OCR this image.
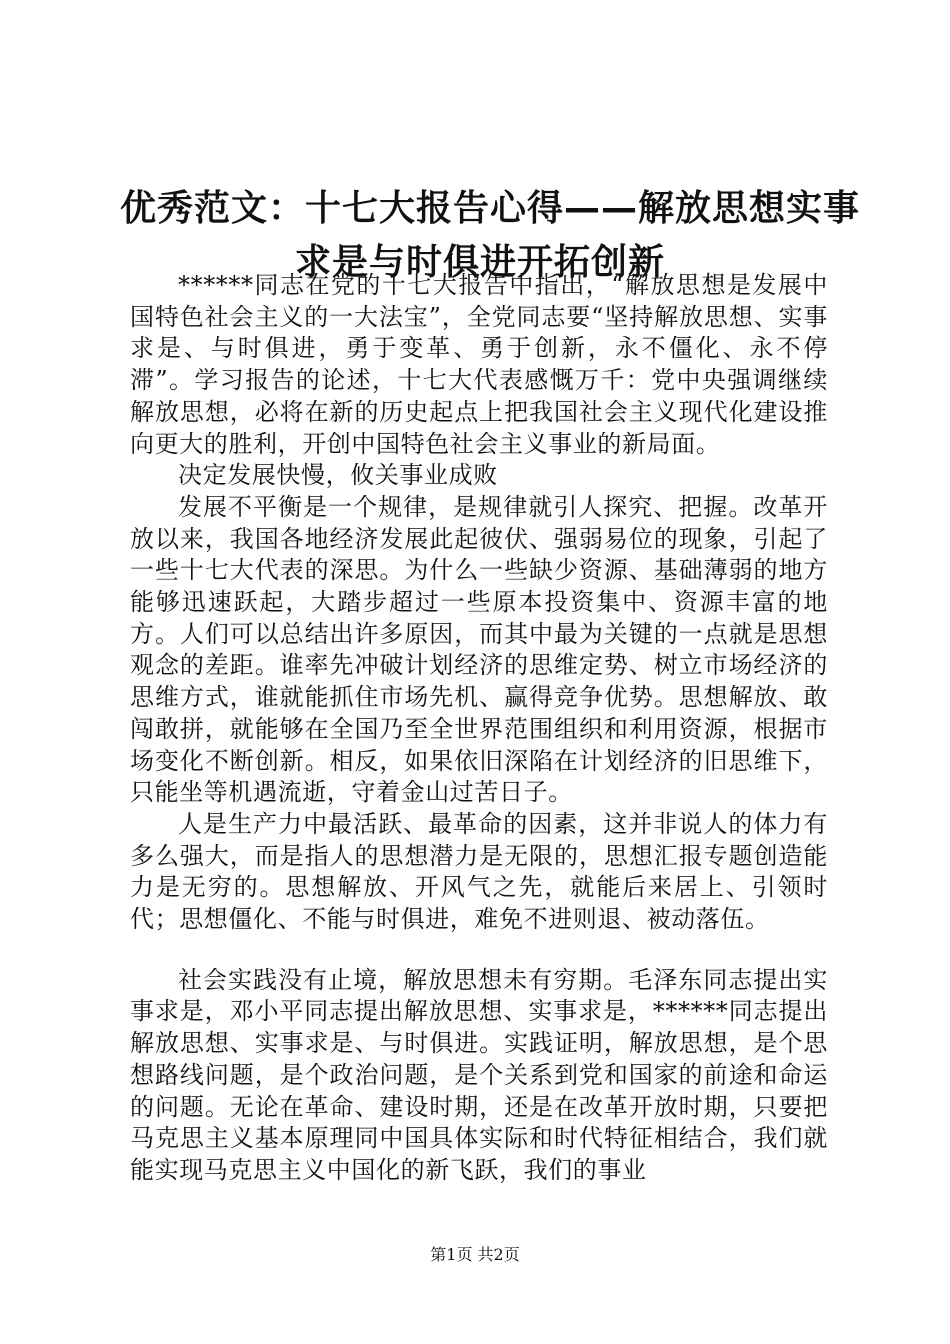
优秀范文：十七大报告心得——解放思想实事
求是与时俱进开拓创新

******同志在党的十七大报告中指出，“解放思想是发展中国特色社会主义的一大法宝”，全党同志要“坚持解放思想、实事求是、与时俱进，勇于变革、勇于创新，永不僵化、永不停滞”。学习报告的论述，十七大代表感慨万千：党中央强调继续解放思想，必将在新的历史起点上把我国社会主义现代化建设推向更大的胜利，开创中国特色社会主义事业的新局面。

决定发展快慢，攸关事业成败

发展不平衡是一个规律，是规律就引人探究、把握。改革开放以来，我国各地经济发展此起彼伏、强弱易位的现象，引起了一些十七大代表的深思。为什么一些缺少资源、基础薄弱的地方能够迅速跃起，大踏步超过一些原本投资集中、资源丰富的地方。人们可以总结出许多原因，而其中最为关键的一点就是思想观念的差距。谁率先冲破计划经济的思维定势、树立市场经济的思维方式，谁就能抓住市场先机、赢得竞争优势。思想解放、敢闯敢拼，就能够在全国乃至全世界范围组织和利用资源，根据市场变化不断创新。相反，如果依旧深陷在计划经济的旧思维下，只能坐等机遇流逝，守着金山过苦日子。

人是生产力中最活跃、最革命的因素，这并非说人的体力有多么强大，而是指人的思想潜力是无限的，思想汇报专题创造能力是无穷的。思想解放、开风气之先，就能后来居上、引领时代；思想僵化、不能与时俱进，难免不进则退、被动落伍。

社会实践没有止境，解放思想未有穷期。毛泽东同志提出实事求是，邓小平同志提出解放思想、实事求是，******同志提出解放思想、实事求是、与时俱进。实践证明，解放思想，是个思想路线问题，是个政治问题，是个关系到党和国家的前途和命运的问题。无论在革命、建设时期，还是在改革开放时期，只要把马克思主义基本原理同中国具体实际和时代特征相结合，我们就能实现马克思主义中国化的新飞跃，我们的事业

第1页 共2页
